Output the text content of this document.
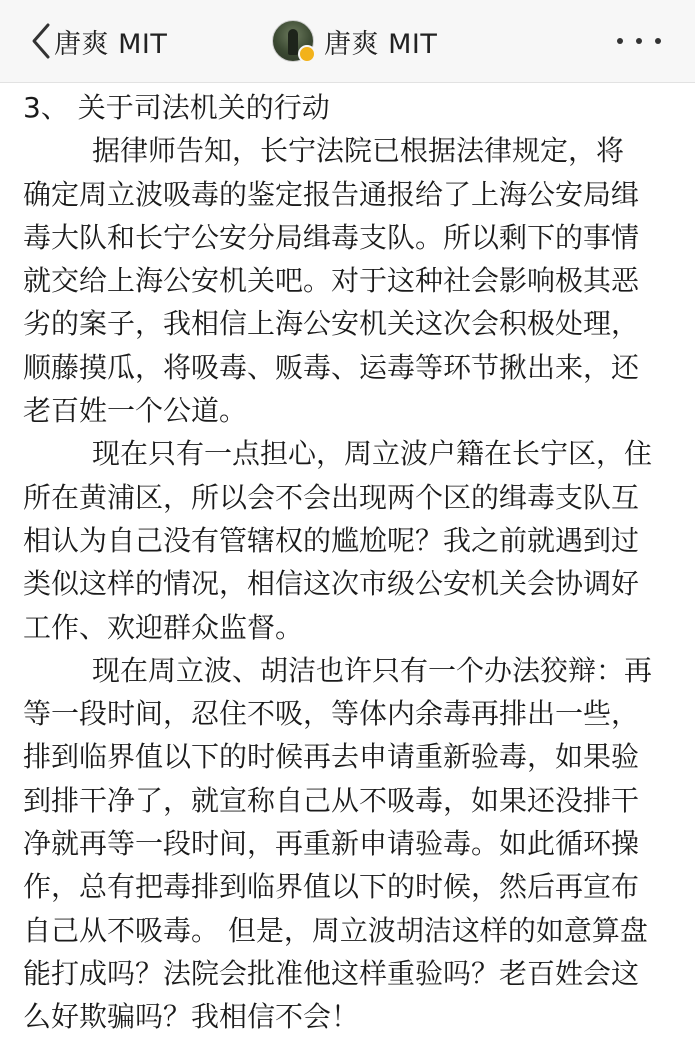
唐爽 MIT	唐爽 MIT
3、 关于司法机关的行动
据律师告知，长宁法院已根据法律规定，将
确定周立波吸毒的鉴定报告通报给了上海公安局缉
毒大队和长宁公安分局缉毒支队。所以剩下的事情
就交给上海公安机关吧。对于这种社会影响极其恶
劣的案子，我相信上海公安机关这次会积极处理，
顺藤摸瓜，将吸毒、贩毒、运毒等环节揪出来，还
老百姓一个公道。
现在只有一点担心，周立波户籍在长宁区，住
所在黄浦区，所以会不会出现两个区的缉毒支队互
相认为自己没有管辖权的尴尬呢？我之前就遇到过
类似这样的情况，相信这次市级公安机关会协调好
工作、欢迎群众监督。
现在周立波、胡洁也许只有一个办法狡辩：再
等一段时间，忍住不吸，等体内余毒再排出一些，
排到临界值以下的时候再去申请重新验毒，如果验
到排干净了，就宣称自己从不吸毒，如果还没排干
净就再等一段时间，再重新申请验毒。如此循环操
作，总有把毒排到临界值以下的时候，然后再宣布
自己从不吸毒。 但是，周立波胡洁这样的如意算盘
能打成吗？法院会批准他这样重验吗？老百姓会这
么好欺骗吗？我相信不会！
